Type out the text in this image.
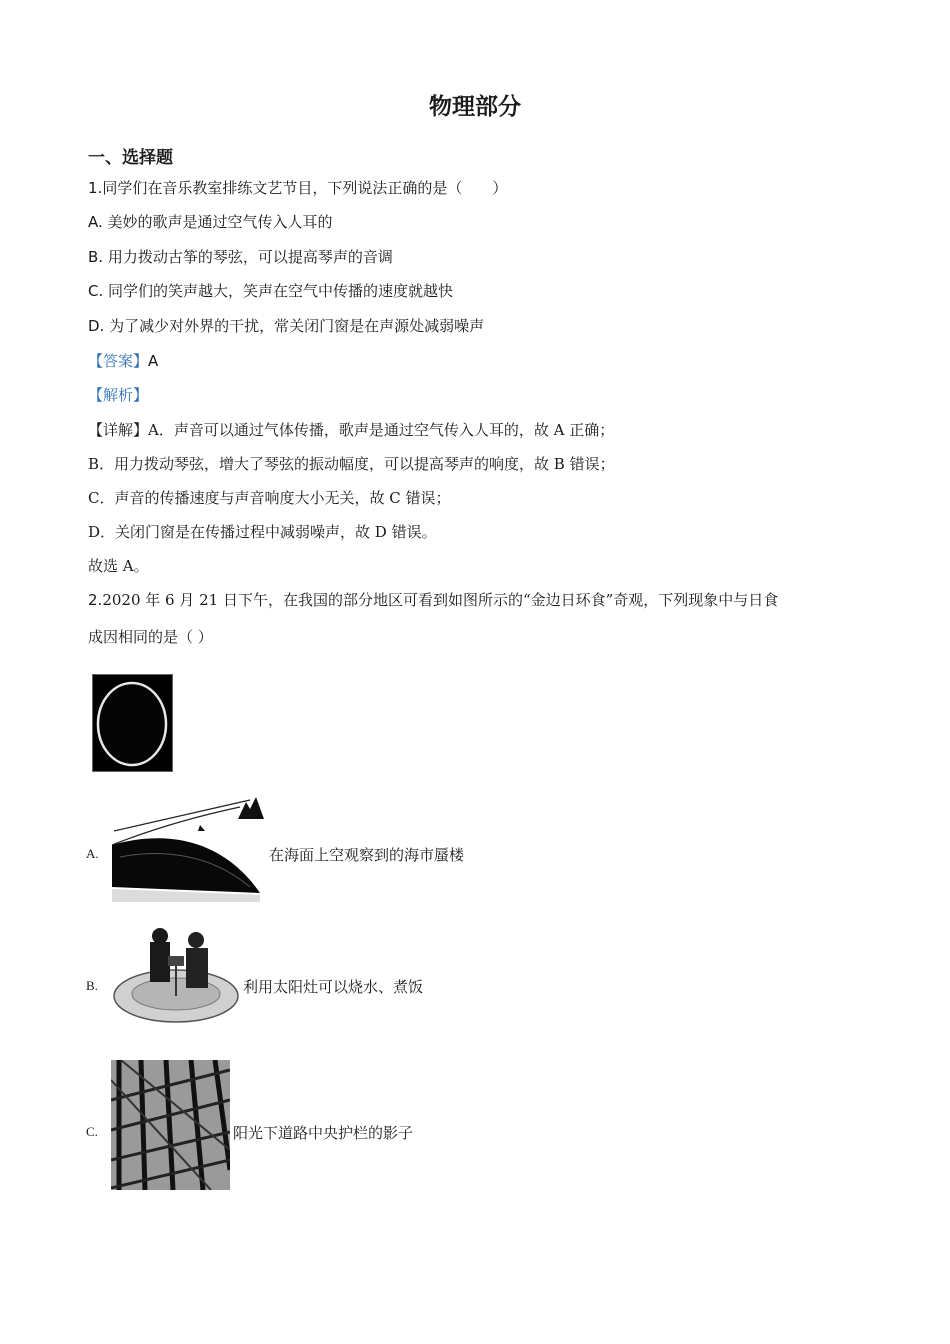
物理部分
一、选择题
1.同学们在音乐教室排练文艺节目，下列说法正确的是（　　）
A. 美妙的歌声是通过空气传入人耳的
B. 用力拨动古筝的琴弦，可以提高琴声的音调
C. 同学们的笑声越大，笑声在空气中传播的速度就越快
D. 为了减少对外界的干扰，常关闭门窗是在声源处减弱噪声
【答案】A
【解析】
【详解】A．声音可以通过气体传播，歌声是通过空气传入人耳的，故 A 正确；
B．用力拨动琴弦，增大了琴弦的振动幅度，可以提高琴声的响度，故 B 错误；
C．声音的传播速度与声音响度大小无关，故 C 错误；
D．关闭门窗是在传播过程中减弱噪声，故 D 错误。
故选 A。
2.2020 年 6 月 21 日下午，在我国的部分地区可看到如图所示的“金边日环食”奇观，下列现象中与日食
成因相同的是（ ）
A.	在海面上空观察到的海市蜃楼
B.	利用太阳灶可以烧水、煮饭
C.	阳光下道路中央护栏的影子
